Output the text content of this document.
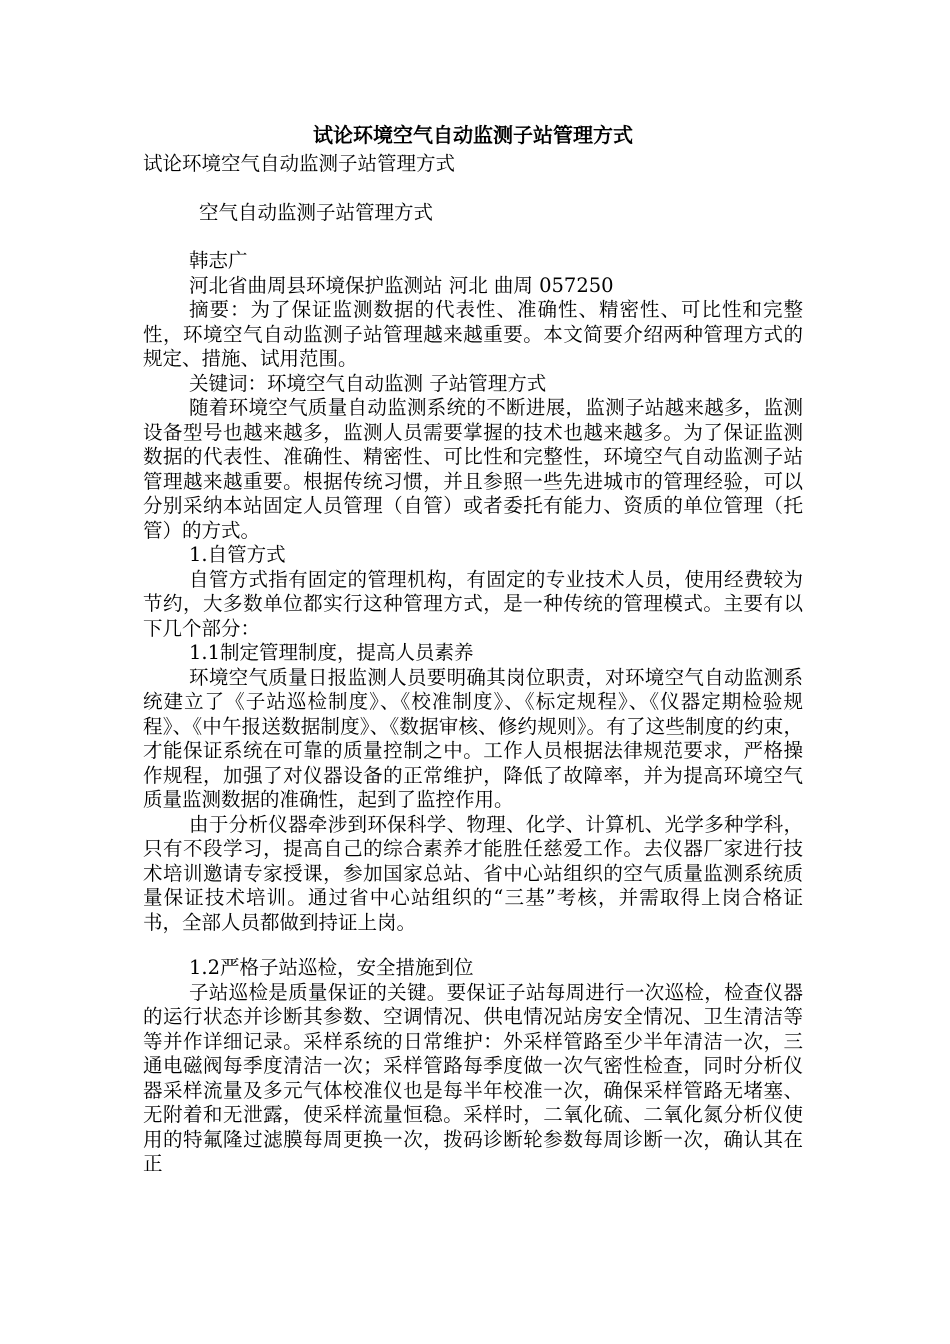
试论环境空气自动监测子站管理方式

试论环境空气自动监测子站管理方式

空气自动监测子站管理方式

韩志广

河北省曲周县环境保护监测站 河北 曲周 057250

摘要：为了保证监测数据的代表性、准确性、精密性、可比性和完整性，环境空气自动监测子站管理越来越重要。本文简要介绍两种管理方式的规定、措施、试用范围。

关键词：环境空气自动监测 子站管理方式

随着环境空气质量自动监测系统的不断进展，监测子站越来越多，监测设备型号也越来越多，监测人员需要掌握的技术也越来越多。为了保证监测数据的代表性、准确性、精密性、可比性和完整性，环境空气自动监测子站管理越来越重要。根据传统习惯，并且参照一些先进城市的管理经验，可以分别采纳本站固定人员管理（自管）或者委托有能力、资质的单位管理（托管）的方式。

1.自管方式

自管方式指有固定的管理机构，有固定的专业技术人员，使用经费较为节约，大多数单位都实行这种管理方式，是一种传统的管理模式。主要有以下几个部分：

1.1制定管理制度，提高人员素养

环境空气质量日报监测人员要明确其岗位职责，对环境空气自动监测系统建立了《子站巡检制度》、《校准制度》、《标定规程》、《仪器定期检验规程》、《中午报送数据制度》、《数据审核、修约规则》。有了这些制度的约束，才能保证系统在可靠的质量控制之中。工作人员根据法律规范要求，严格操作规程，加强了对仪器设备的正常维护，降低了故障率，并为提高环境空气质量监测数据的准确性，起到了监控作用。

由于分析仪器牵涉到环保科学、物理、化学、计算机、光学多种学科，只有不段学习，提高自己的综合素养才能胜任慈爱工作。去仪器厂家进行技术培训邀请专家授课，参加国家总站、省中心站组织的空气质量监测系统质量保证技术培训。通过省中心站组织的“三基”考核，并需取得上岗合格证书，全部人员都做到持证上岗。

1.2严格子站巡检，安全措施到位

子站巡检是质量保证的关键。要保证子站每周进行一次巡检，检查仪器的运行状态并诊断其参数、空调情况、供电情况站房安全情况、卫生清洁等等并作详细记录。采样系统的日常维护：外采样管路至少半年清洁一次，三通电磁阀每季度清洁一次；采样管路每季度做一次气密性检查，同时分析仪器采样流量及多元气体校准仪也是每半年校准一次，确保采样管路无堵塞、无附着和无泄露，使采样流量恒稳。采样时，二氧化硫、二氧化氮分析仪使用的特氟隆过滤膜每周更换一次，拨码诊断轮参数每周诊断一次，确认其在正
